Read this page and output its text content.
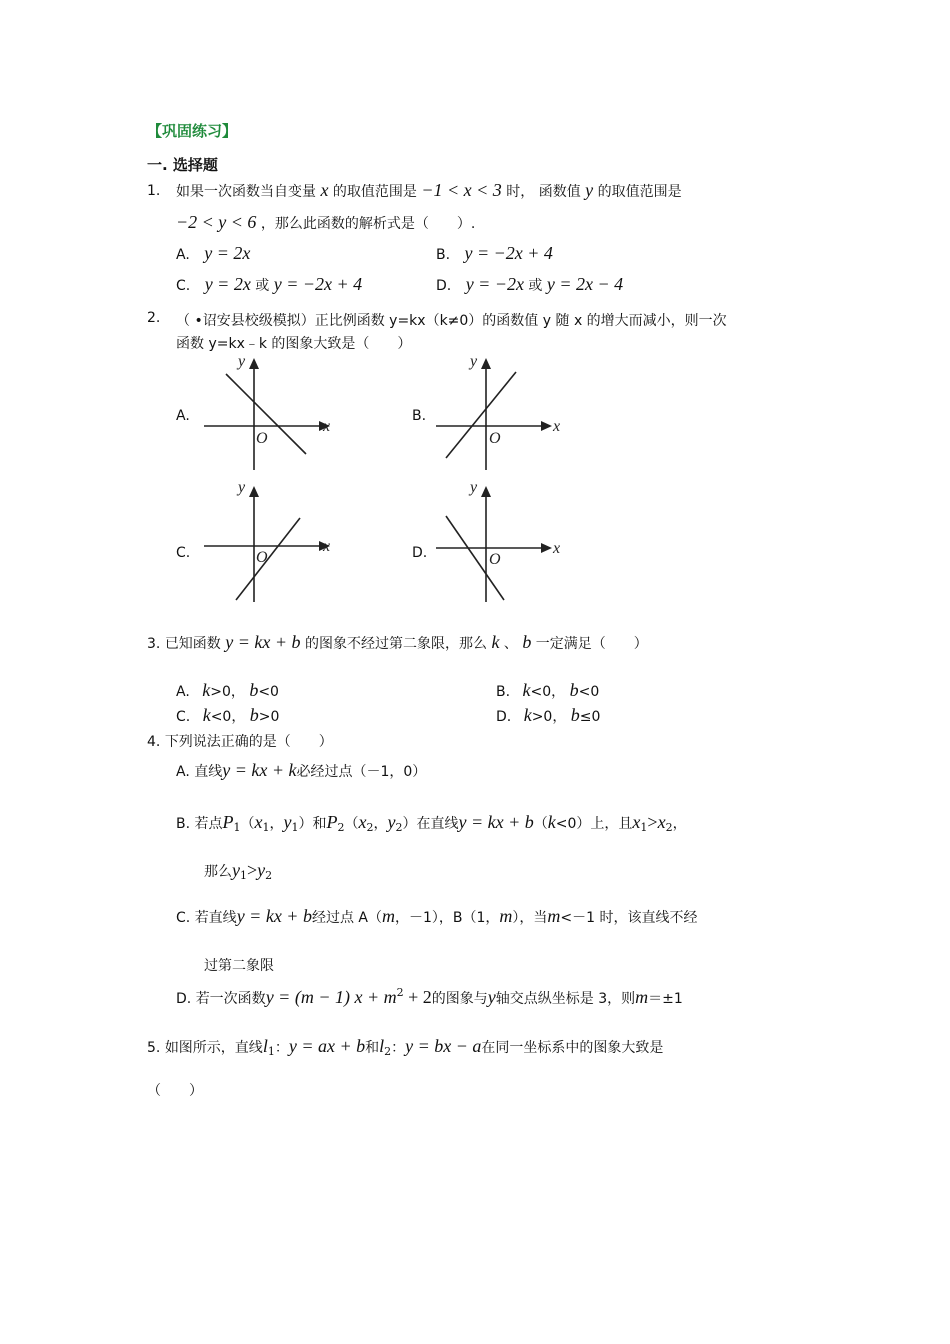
【巩固练习】
一. 选择题
1. 如果一次函数当自变量 x 的取值范围是 −1 < x < 3 时， 函数值 y 的取值范围是
−2 < y < 6 ，那么此函数的解析式是（　　）.
A. y = 2x	B. y = −2x + 4
C. y = 2x 或 y = −2x + 4	D. y = −2x 或 y = 2x − 4
2. （ •诏安县校级模拟）正比例函数 y=kx（k≠0）的函数值 y 随 x 的增大而减小，则一次
函数 y=kx﹣k 的图象大致是（　　）
A.
x
y
O
B.
x
y
O
C.	x
y
O	D.	x
y
O
3. 已知函数 y = kx + b 的图象不经过第二象限，那么 k 、 b 一定满足（　　）
A. k>0， b<0	B. k<0， b<0
C. k<0， b>0	D. k>0， b≤0
4. 下列说法正确的是（　　）
A. 直线y = kx + k必经过点（－1，0）
B. 若点$P_1(x_1$，$y_1$）和$P_2(x_2$，$y_2$）在直线y = kx + b（k<0）上，且$x_1>x_2$，
那么$y_1>y_2$
C. 若直线y = kx + b经过点 A（m，－1），B（1，m），当m<－1 时，该直线不经
过第二象限
D. 若一次函数y = (m − 1) $x + m^2 + 2$的图象与y轴交点纵坐标是 3，则m＝±1
5. 如图所示，直线$l_1$：y = ax + b和$l_2$：y = bx − a在同一坐标系中的图象大致是
（　　）
